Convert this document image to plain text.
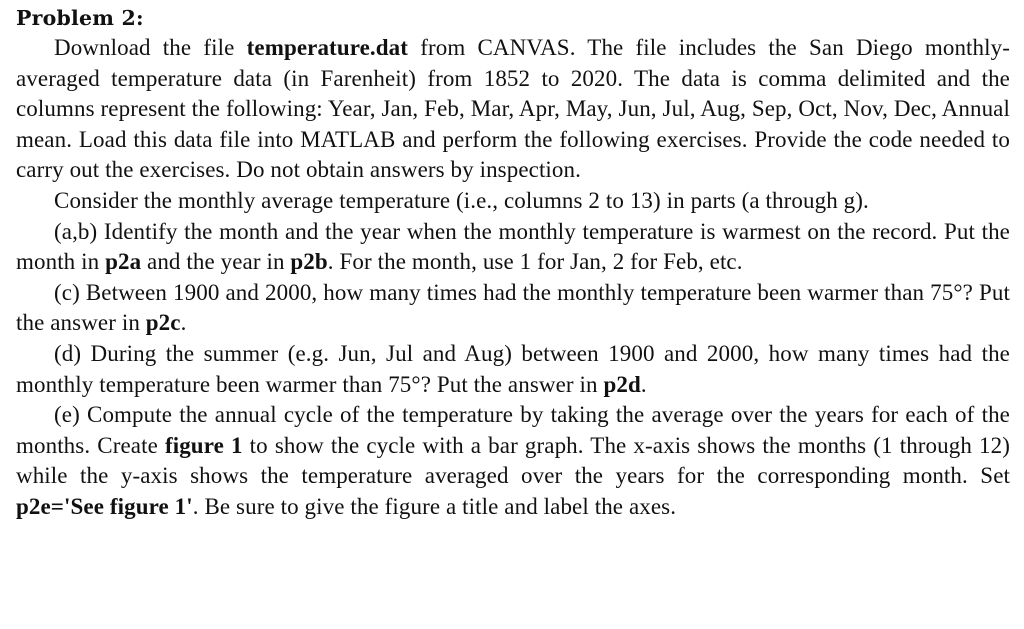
Problem 2:

Download the file temperature.dat from CANVAS. The file includes the San Diego monthly-averaged temperature data (in Farenheit) from 1852 to 2020. The data is comma delimited and the columns represent the following: Year, Jan, Feb, Mar, Apr, May, Jun, Jul, Aug, Sep, Oct, Nov, Dec, Annual mean. Load this data file into MATLAB and perform the following exercises. Provide the code needed to carry out the exercises. Do not obtain answers by inspection.

Consider the monthly average temperature (i.e., columns 2 to 13) in parts (a through g).

(a,b) Identify the month and the year when the monthly temperature is warmest on the record. Put the month in p2a and the year in p2b. For the month, use 1 for Jan, 2 for Feb, etc.

(c) Between 1900 and 2000, how many times had the monthly temperature been warmer than 75°? Put the answer in p2c.

(d) During the summer (e.g. Jun, Jul and Aug) between 1900 and 2000, how many times had the monthly temperature been warmer than 75°? Put the answer in p2d.

(e) Compute the annual cycle of the temperature by taking the average over the years for each of the months. Create figure 1 to show the cycle with a bar graph. The x-axis shows the months (1 through 12) while the y-axis shows the temperature averaged over the years for the corresponding month. Set p2e='See figure 1'. Be sure to give the figure a title and label the axes.
